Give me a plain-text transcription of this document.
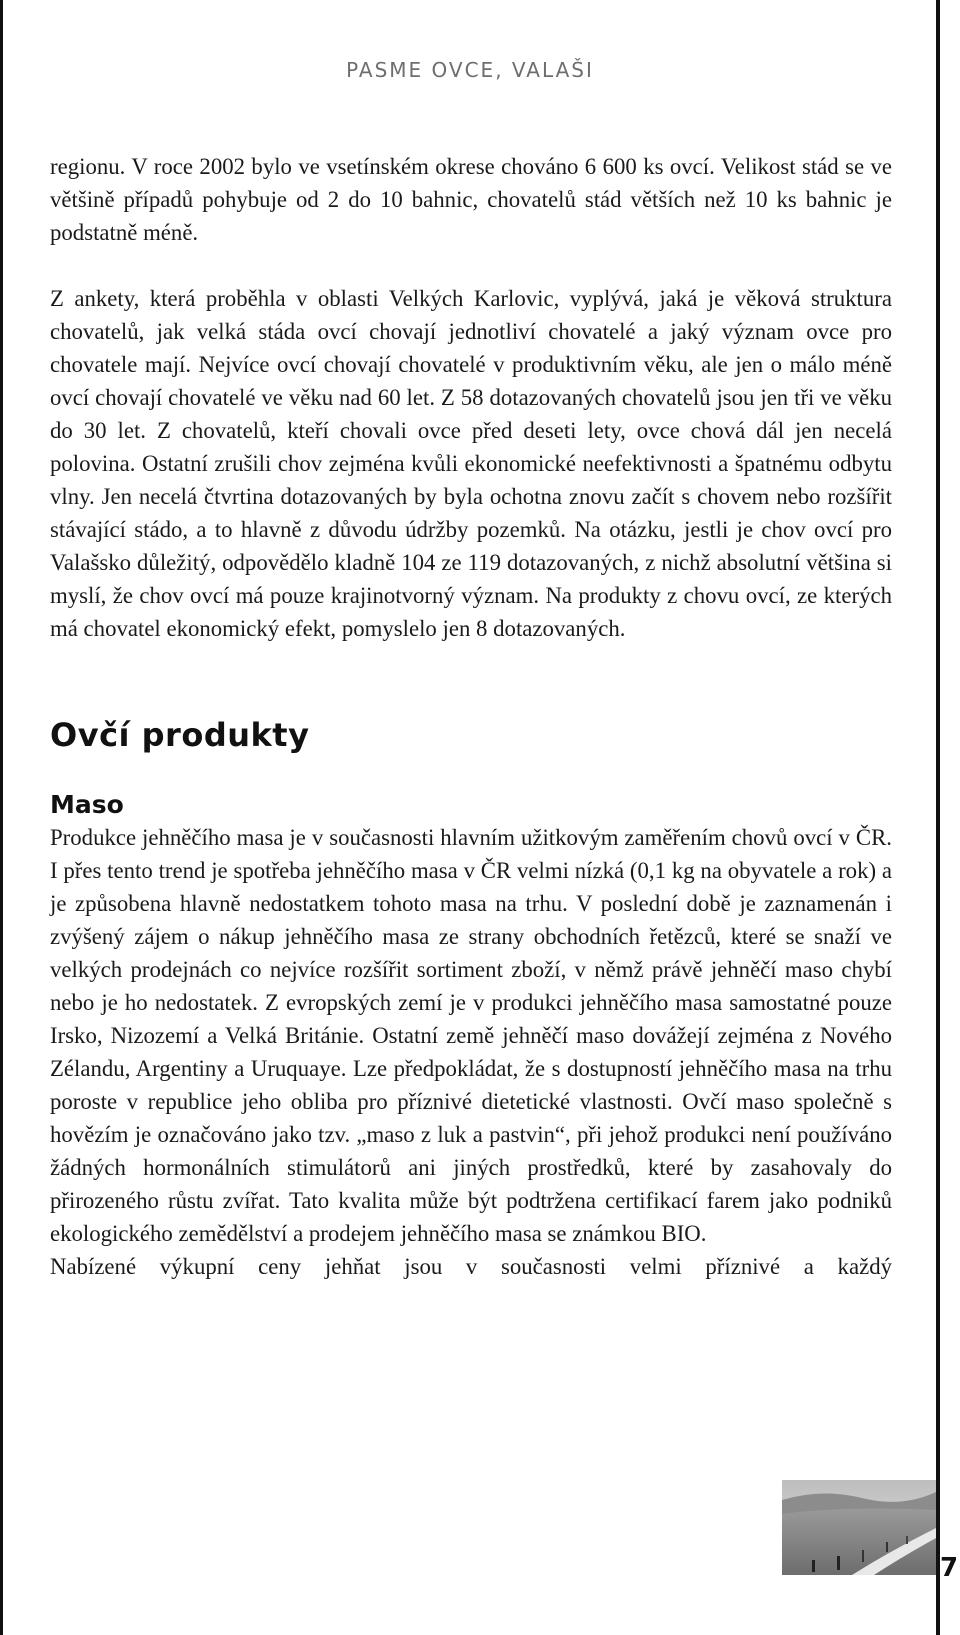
PASME OVCE, VALAŠI

regionu. V roce 2002 bylo ve vsetínském okrese chováno 6 600 ks ovcí. Velikost stád se ve většině případů pohybuje od 2 do 10 bahnic, chovatelů stád větších než 10 ks bahnic je podstatně méně.

Z ankety, která proběhla v oblasti Velkých Karlovic, vyplývá, jaká je věková struktura chovatelů, jak velká stáda ovcí chovají jednotliví chovatelé a jaký význam ovce pro chovatele mají. Nejvíce ovcí chovají chovatelé v produktivním věku, ale jen o málo méně ovcí chovají chovatelé ve věku nad 60 let. Z 58 dotazovaných chovatelů jsou jen tři ve věku do 30 let. Z chovatelů, kteří chovali ovce před deseti lety, ovce chová dál jen necelá polovina. Ostatní zrušili chov zejména kvůli ekonomické neefektivnosti a špatnému odbytu vlny. Jen necelá čtvrtina dotazovaných by byla ochotna znovu začít s chovem nebo rozšířit stávající stádo, a to hlavně z důvodu údržby pozemků. Na otázku, jestli je chov ovcí pro Valašsko důležitý, odpovědělo kladně 104 ze 119 dotazovaných, z nichž absolutní většina si myslí, že chov ovcí má pouze krajinotvorný význam. Na produkty z chovu ovcí, ze kterých má chovatel ekonomický efekt, pomyslelo jen 8 dotazovaných.

Ovčí produkty
Maso

Produkce jehněčího masa je v současnosti hlavním užitkovým zaměřením chovů ovcí v ČR. I přes tento trend je spotřeba jehněčího masa v ČR velmi nízká (0,1 kg na obyvatele a rok) a je způsobena hlavně nedostatkem tohoto masa na trhu. V poslední době je zaznamenán i zvýšený zájem o nákup jehněčího masa ze strany obchodních řetězců, které se snaží ve velkých prodejnách co nejvíce rozšířit sortiment zboží, v němž právě jehněčí maso chybí nebo je ho nedostatek. Z evropských zemí je v produkci jehněčího masa samostatné pouze Irsko, Nizozemí a Velká Británie. Ostatní země jehněčí maso dovážejí zejména z Nového Zélandu, Argentiny a Uruquaye. Lze předpokládat, že s dostupností jehněčího masa na trhu poroste v republice jeho obliba pro příznivé dietetické vlastnosti. Ovčí maso společně s hovězím je označováno jako tzv. „maso z luk a pastvin“, při jehož produkci není používáno žádných hormonálních stimulátorů ani jiných prostředků, které by zasahovaly do přirozeného růstu zvířat. Tato kvalita může být podtržena certifikací farem jako podniků ekologického zemědělství a prodejem jehněčího masa se známkou BIO.

Nabízené výkupní ceny jehňat jsou v současnosti velmi příznivé a každý

7
